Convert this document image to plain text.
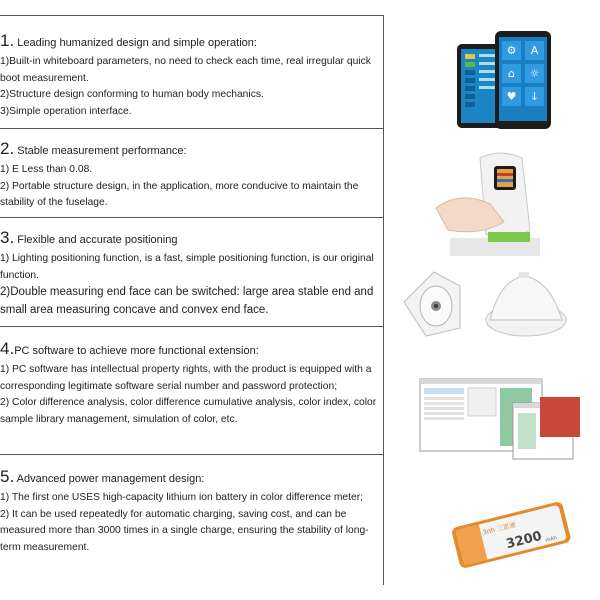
1. Leading humanized design and simple operation:

1)Built-in whiteboard parameters, no need to check each time, real irregular quick boot measurement.

2)Structure design conforming to human body mechanics.

3)Simple operation interface.

2. Stable measurement performance:

1) E Less than 0.08.

2) Portable structure design, in the application, more conducive to maintain the stability of the fuselage.

3. Flexible and accurate positioning

1) Lighting positioning function, is a fast, simple positioning function, is our original function.

2)Double measuring end face can be switched: large area stable end and small area measuring concave and convex end face.

4.PC software to achieve more functional extension:

1) PC software has intellectual property rights, with the product is equipped with a corresponding legitimate software serial number and password protection;

2) Color difference analysis, color difference cumulative analysis, color index, color sample library management, simulation of color, etc.

5. Advanced power management design:

1) The first one USES high-capacity lithium ion battery in color difference meter;

2) It can be used repeatedly for automatic charging, saving cost, and can be measured more than 3000 times in a single charge, ensuring the stability of long-term measurement.

⚙ A
⌂ ☼
♥ ↓
3nh 三恩驰
3200 mAh
